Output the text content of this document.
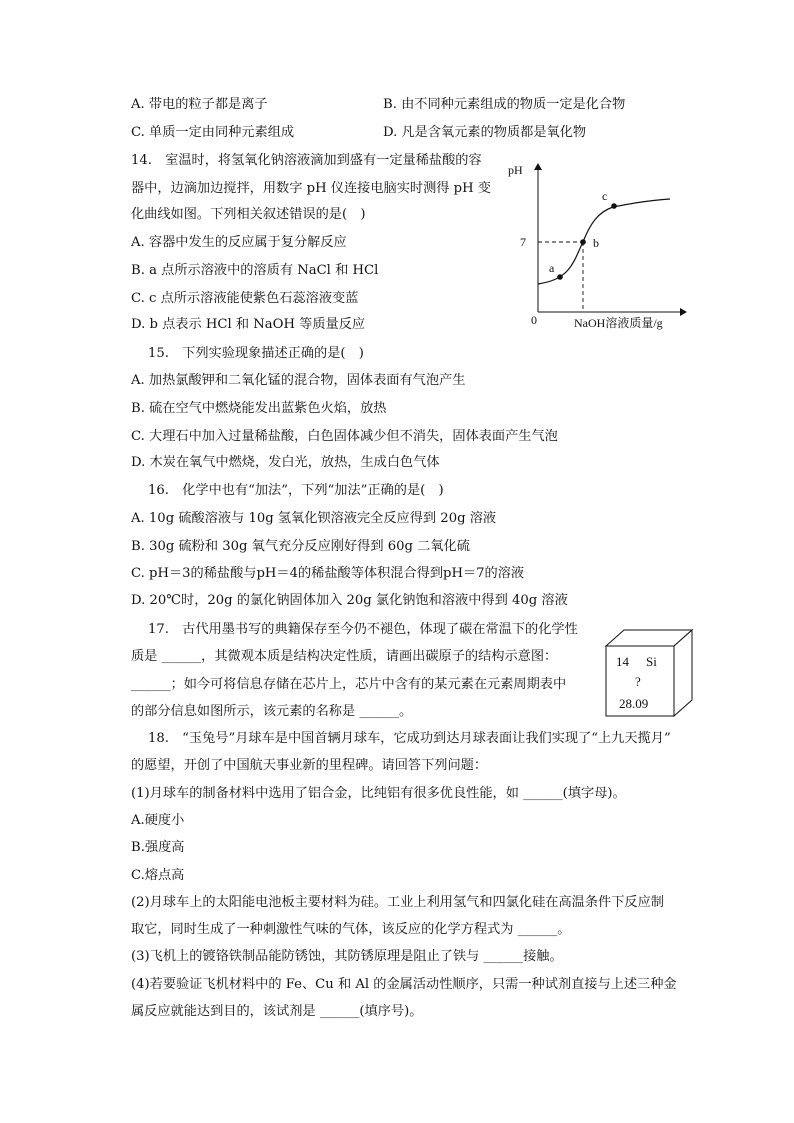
A. 带电的粒子都是离子	B. 由不同种元素组成的物质一定是化合物
C. 单质一定由同种元素组成	D. 凡是含氧元素的物质都是氧化物
14.　室温时，将氢氧化钠溶液滴加到盛有一定量稀盐酸的容
器中，边滴加边搅拌，用数字 pH 仪连接电脑实时测得 pH 变
化曲线如图。下列相关叙述错误的是(　)
A. 容器中发生的反应属于复分解反应
B. a 点所示溶液中的溶质有 NaCl 和 HCl
C. c 点所示溶液能使紫色石蕊溶液变蓝
D. b 点表示 HCl 和 NaOH 等质量反应
pH
0
7
NaOH溶液质量/g
a
b
c
15.　下列实验现象描述正确的是(　)
A. 加热氯酸钾和二氧化锰的混合物，固体表面有气泡产生
B. 硫在空气中燃烧能发出蓝紫色火焰，放热
C. 大理石中加入过量稀盐酸，白色固体减少但不消失，固体表面产生气泡
D. 木炭在氧气中燃烧，发白光，放热，生成白色气体
16.　化学中也有“加法”，下列“加法”正确的是(　)
A. 10g 硫酸溶液与 10g 氢氧化钡溶液完全反应得到 20g 溶液
B. 30g 硫粉和 30g 氧气充分反应刚好得到 60g 二氧化硫
C. pH＝3的稀盐酸与pH＝4的稀盐酸等体积混合得到pH＝7的溶液
D. 20℃时，20g 的氯化钠固体加入 20g 氯化钠饱和溶液中得到 40g 溶液
17.　古代用墨书写的典籍保存至今仍不褪色，体现了碳在常温下的化学性
质是 ______，其微观本质是结构决定性质，请画出碳原子的结构示意图：
______；如今可将信息存储在芯片上，芯片中含有的某元素在元素周期表中
的部分信息如图所示，该元素的名称是 ______。
14 Si
?
28.09
18.　“玉兔号”月球车是中国首辆月球车，它成功到达月球表面让我们实现了“上九天揽月”
的愿望，开创了中国航天事业新的里程碑。请回答下列问题：
(1)月球车的制备材料中选用了铝合金，比纯铝有很多优良性能，如 ______(填字母)。
A.硬度小
B.强度高
C.熔点高
(2)月球车上的太阳能电池板主要材料为硅。工业上利用氢气和四氯化硅在高温条件下反应制
取它，同时生成了一种刺激性气味的气体，该反应的化学方程式为 ______。
(3)飞机上的镀铬铁制品能防锈蚀，其防锈原理是阻止了铁与 ______接触。
(4)若要验证飞机材料中的 Fe、Cu 和 Al 的金属活动性顺序，只需一种试剂直接与上述三种金
属反应就能达到目的，该试剂是 ______(填序号)。
